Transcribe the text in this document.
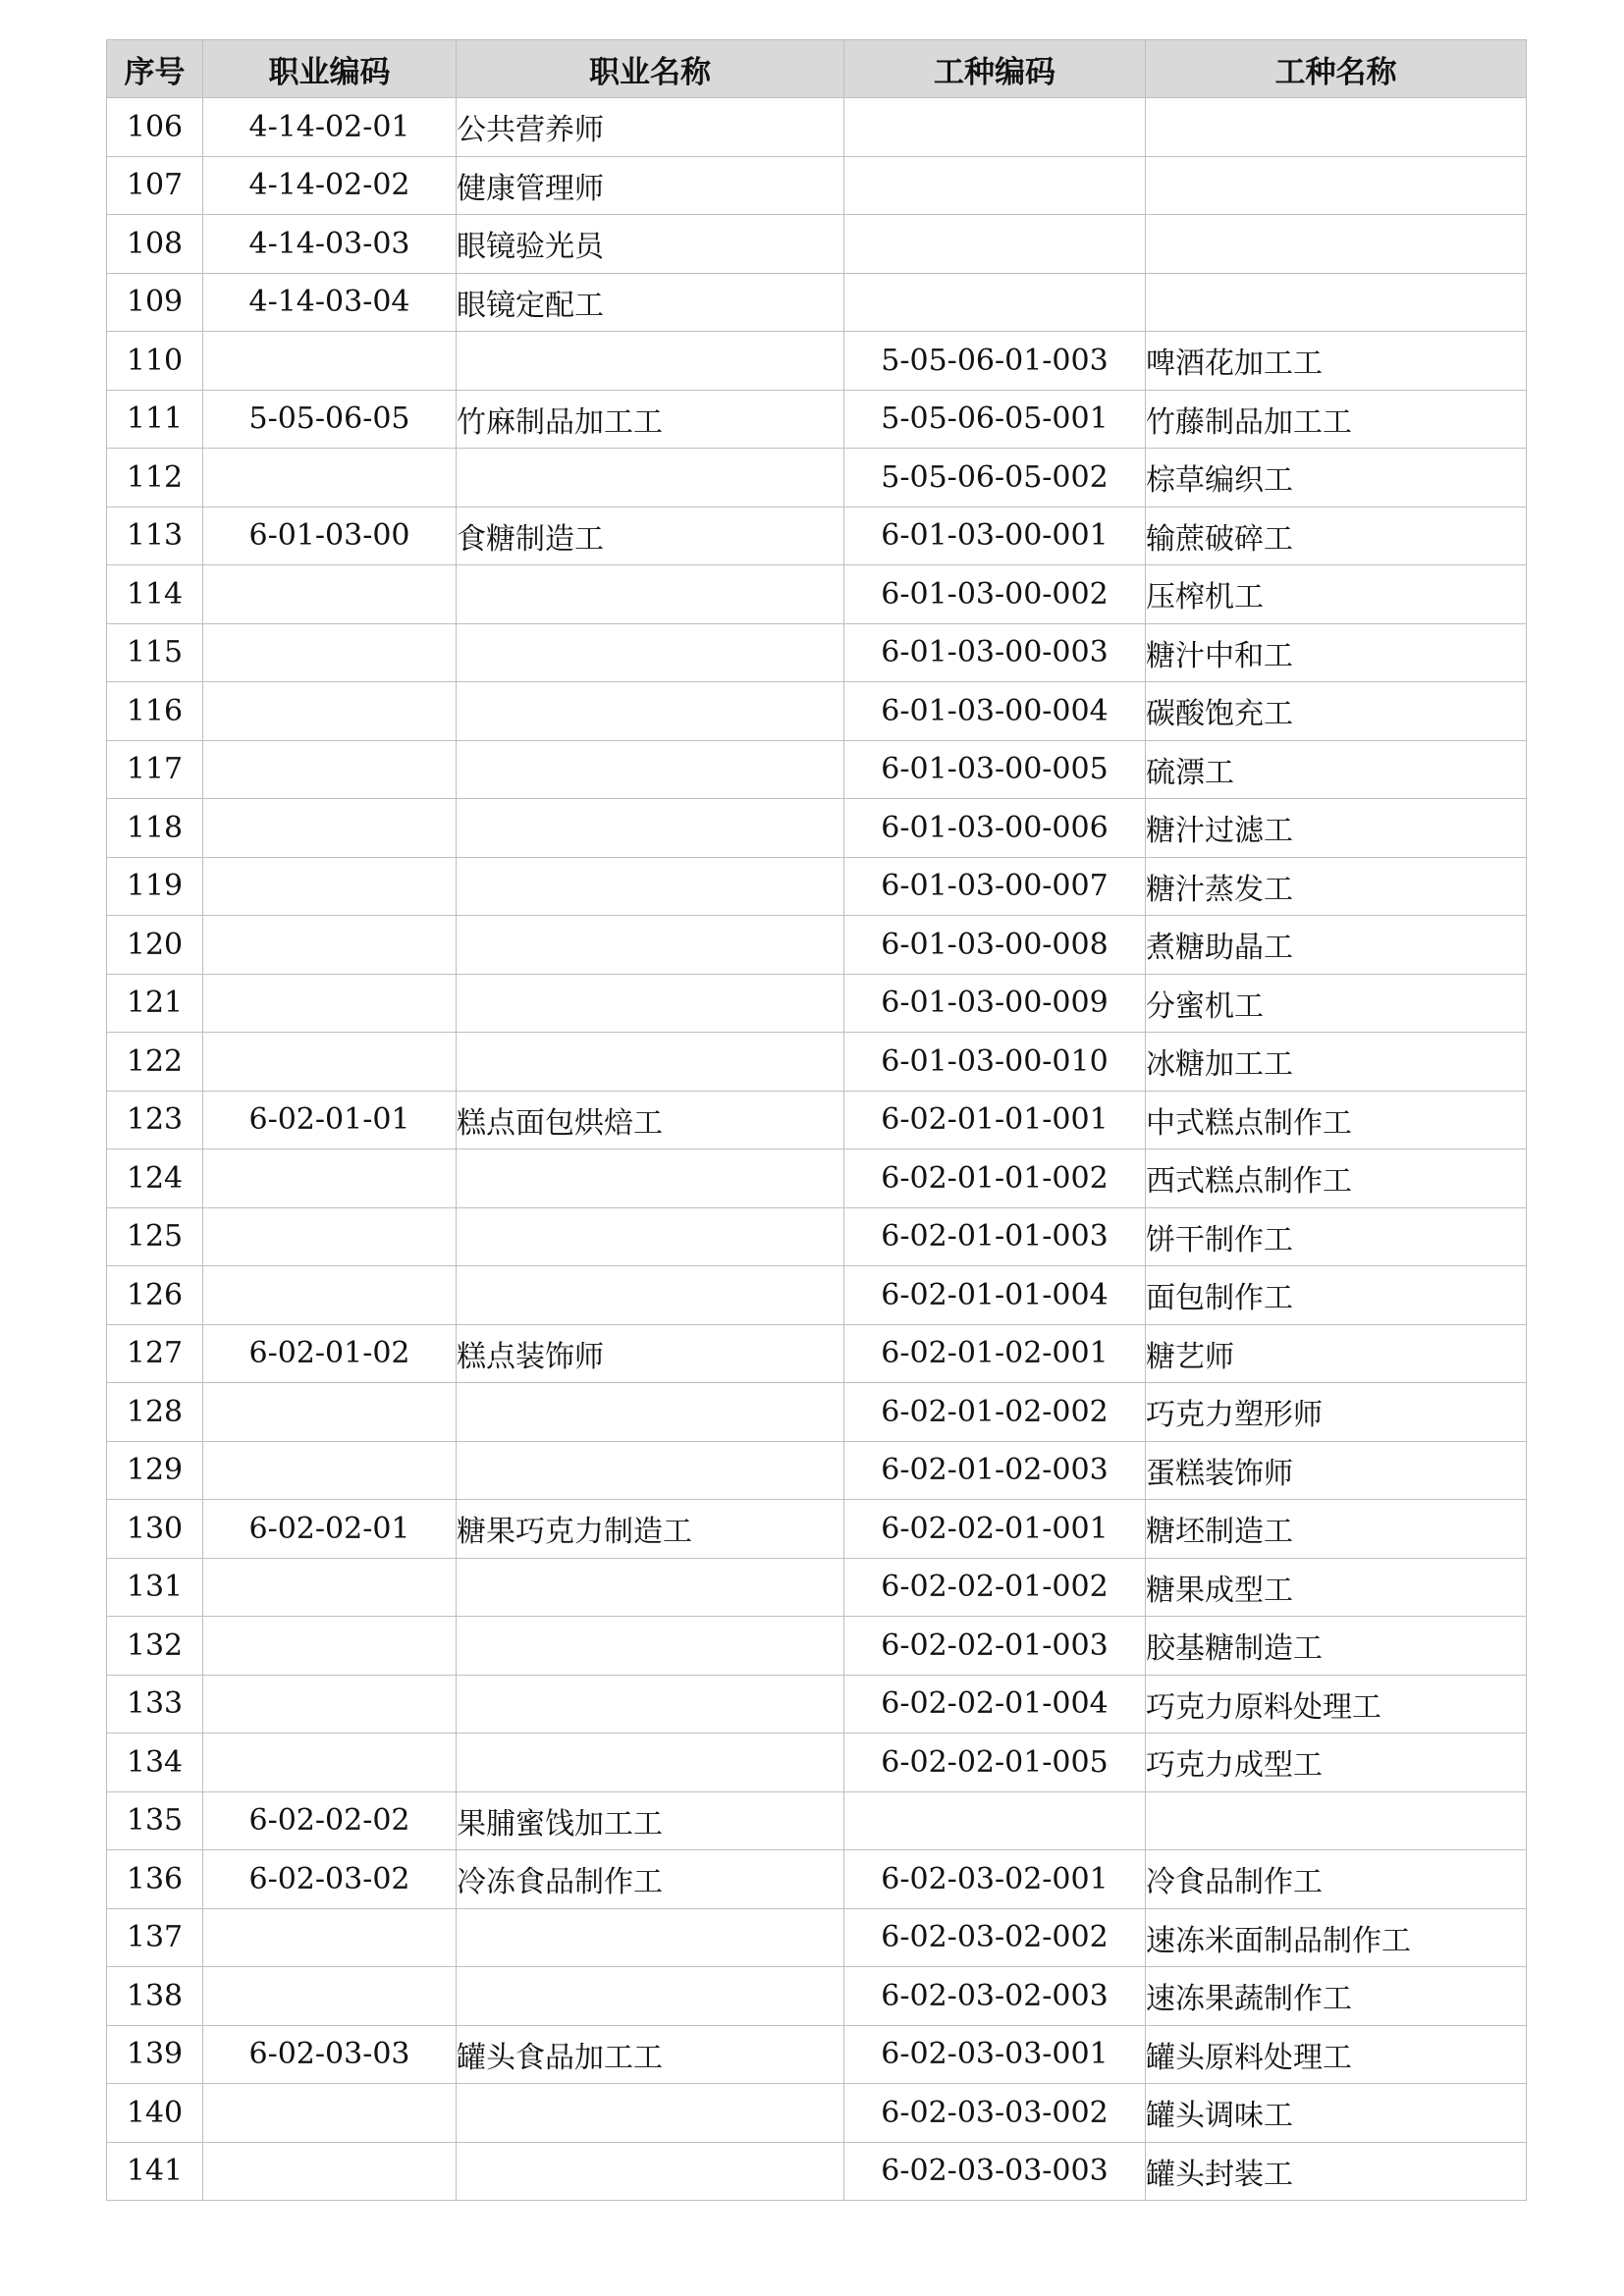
序号	职业编码	职业名称	工种编码	工种名称
106	4-14-02-01	公共营养师		
107	4-14-02-02	健康管理师		
108	4-14-03-03	眼镜验光员		
109	4-14-03-04	眼镜定配工		
110			5-05-06-01-003	啤酒花加工工
111	5-05-06-05	竹麻制品加工工	5-05-06-05-001	竹藤制品加工工
112			5-05-06-05-002	棕草编织工
113	6-01-03-00	食糖制造工	6-01-03-00-001	输蔗破碎工
114			6-01-03-00-002	压榨机工
115			6-01-03-00-003	糖汁中和工
116			6-01-03-00-004	碳酸饱充工
117			6-01-03-00-005	硫漂工
118			6-01-03-00-006	糖汁过滤工
119			6-01-03-00-007	糖汁蒸发工
120			6-01-03-00-008	煮糖助晶工
121			6-01-03-00-009	分蜜机工
122			6-01-03-00-010	冰糖加工工
123	6-02-01-01	糕点面包烘焙工	6-02-01-01-001	中式糕点制作工
124			6-02-01-01-002	西式糕点制作工
125			6-02-01-01-003	饼干制作工
126			6-02-01-01-004	面包制作工
127	6-02-01-02	糕点装饰师	6-02-01-02-001	糖艺师
128			6-02-01-02-002	巧克力塑形师
129			6-02-01-02-003	蛋糕装饰师
130	6-02-02-01	糖果巧克力制造工	6-02-02-01-001	糖坯制造工
131			6-02-02-01-002	糖果成型工
132			6-02-02-01-003	胶基糖制造工
133			6-02-02-01-004	巧克力原料处理工
134			6-02-02-01-005	巧克力成型工
135	6-02-02-02	果脯蜜饯加工工		
136	6-02-03-02	冷冻食品制作工	6-02-03-02-001	冷食品制作工
137			6-02-03-02-002	速冻米面制品制作工
138			6-02-03-02-003	速冻果蔬制作工
139	6-02-03-03	罐头食品加工工	6-02-03-03-001	罐头原料处理工
140			6-02-03-03-002	罐头调味工
141			6-02-03-03-003	罐头封装工
